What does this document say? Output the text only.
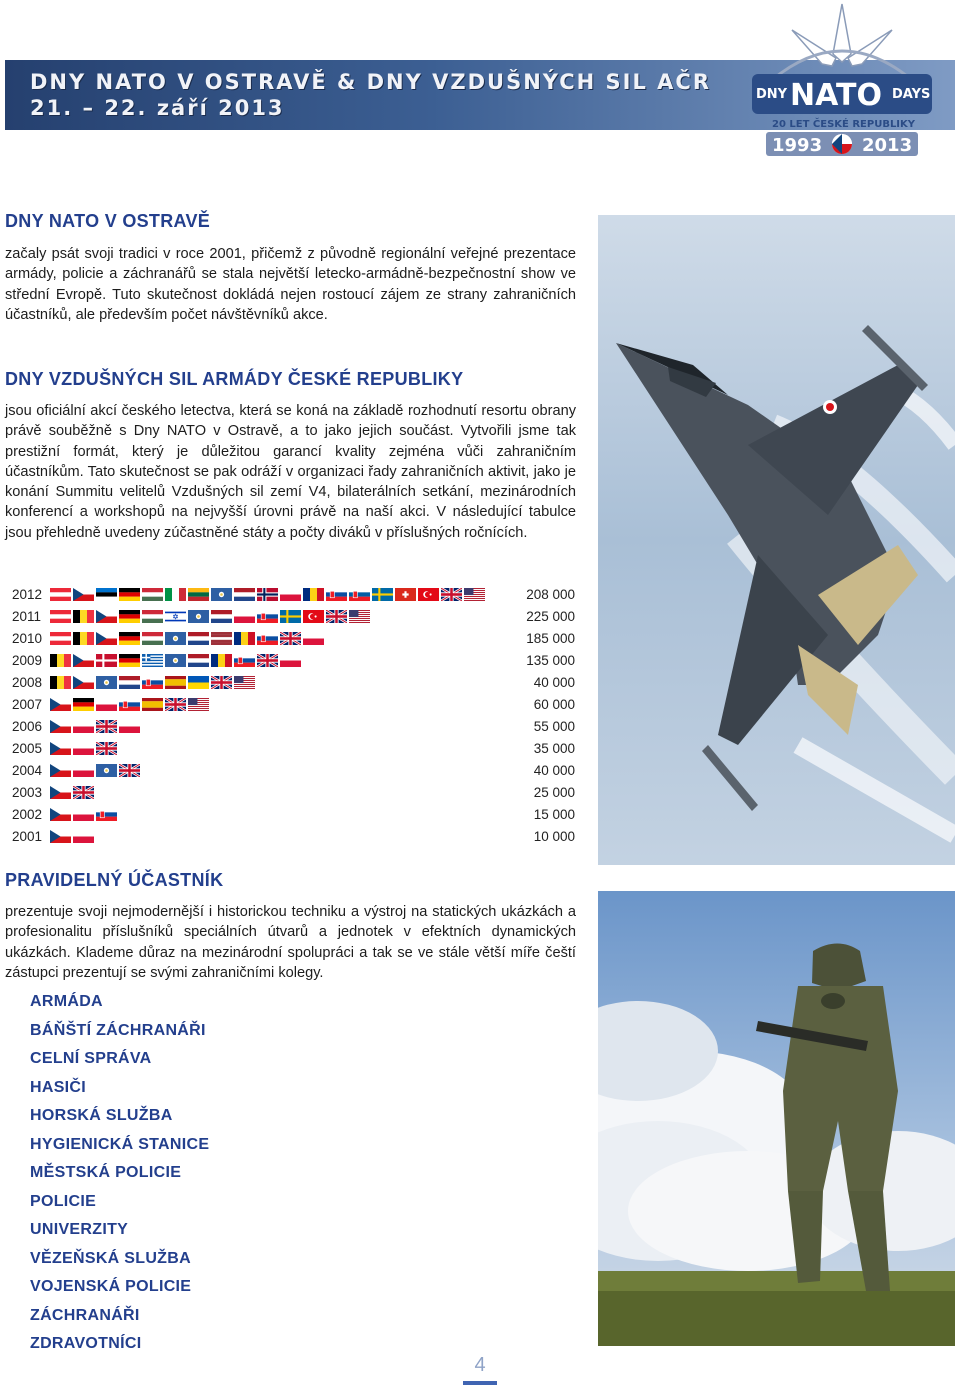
DNY NATO V OSTRAVĚ & DNY VZDUŠNÝCH SIL AČR
21. – 22. září 2013
DNY NATO DAYS
20 LET ČESKÉ REPUBLIKY
1993 2013
DNY NATO V OSTRAVĚ

začaly psát svoji tradici v roce 2001, přičemž z původně regionální veřejné prezentace armády, policie a záchranářů se stala největší letecko-armádně-bezpečnostní show ve střední Evropě. Tuto skutečnost dokládá nejen rostoucí zájem ze strany zahraničních účastníků, ale především počet návštěvníků akce.

DNY VZDUŠNÝCH SIL ARMÁDY ČESKÉ REPUBLIKY

jsou oficiální akcí českého letectva, která se koná na základě rozhodnutí resortu obrany právě souběžně s Dny NATO v Ostravě, a to jako jejich součást. Vytvořili jsme tak prestižní formát, který je důležitou garancí kvality zejména vůči zahraničním účastníkům. Tato skutečnost se pak odráží v organizaci řady zahraničních aktivit, jako je konání Summitu velitelů Vzdušných sil zemí V4, bilaterálních setkání, mezinárodních konferencí a workshopů na nejvyšší úrovni právě na naší akci. V následující tabulce jsou přehledně uvedeny zúčastněné státy a počty diváků v příslušných ročnících.

2012	208 000
2011	225 000
2010	185 000
2009	135 000
2008	40 000
2007	60 000
2006	55 000
2005	35 000
2004	40 000
2003	25 000
2002	15 000
2001	10 000
PRAVIDELNÝ ÚČASTNÍK

prezentuje svoji nejmodernější i historickou techniku a výstroj na statických ukázkách a profesionalitu příslušníků speciálních útvarů a jednotek v efektních dynamických ukázkách. Klademe důraz na mezinárodní spolupráci a tak se ve stále větší míře čeští zástupci prezentují se svými zahraničními kolegy.

ARMÁDA
BÁŇŠTÍ ZÁCHRANÁŘI
CELNÍ SPRÁVA
HASIČI
HORSKÁ SLUŽBA
HYGIENICKÁ STANICE
MĚSTSKÁ POLICIE
POLICIE
UNIVERZITY
VĚZEŇSKÁ SLUŽBA
VOJENSKÁ POLICIE
ZÁCHRANÁŘI
ZDRAVOTNÍCI
4
